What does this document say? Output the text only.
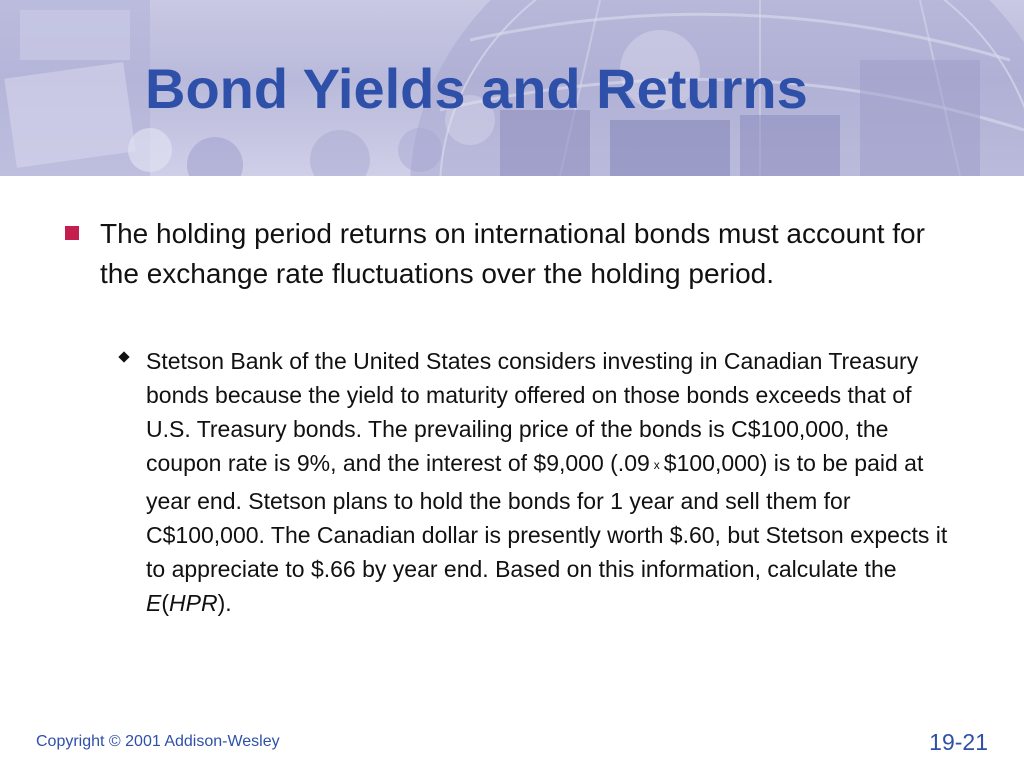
Bond Yields and Returns
The holding period returns on international bonds must account for the exchange rate fluctuations over the holding period.
Stetson Bank of the United States considers investing in Canadian Treasury bonds because the yield to maturity offered on those bonds exceeds that of U.S. Treasury bonds. The prevailing price of the bonds is C$100,000, the coupon rate is 9%, and the interest of $9,000 (.09 x $100,000) is to be paid at year end. Stetson plans to hold the bonds for 1 year and sell them for C$100,000. The Canadian dollar is presently worth $.60, but Stetson expects it to appreciate to $.66 by year end. Based on this information, calculate the E(HPR).
Copyright © 2001 Addison-Wesley	19-21
